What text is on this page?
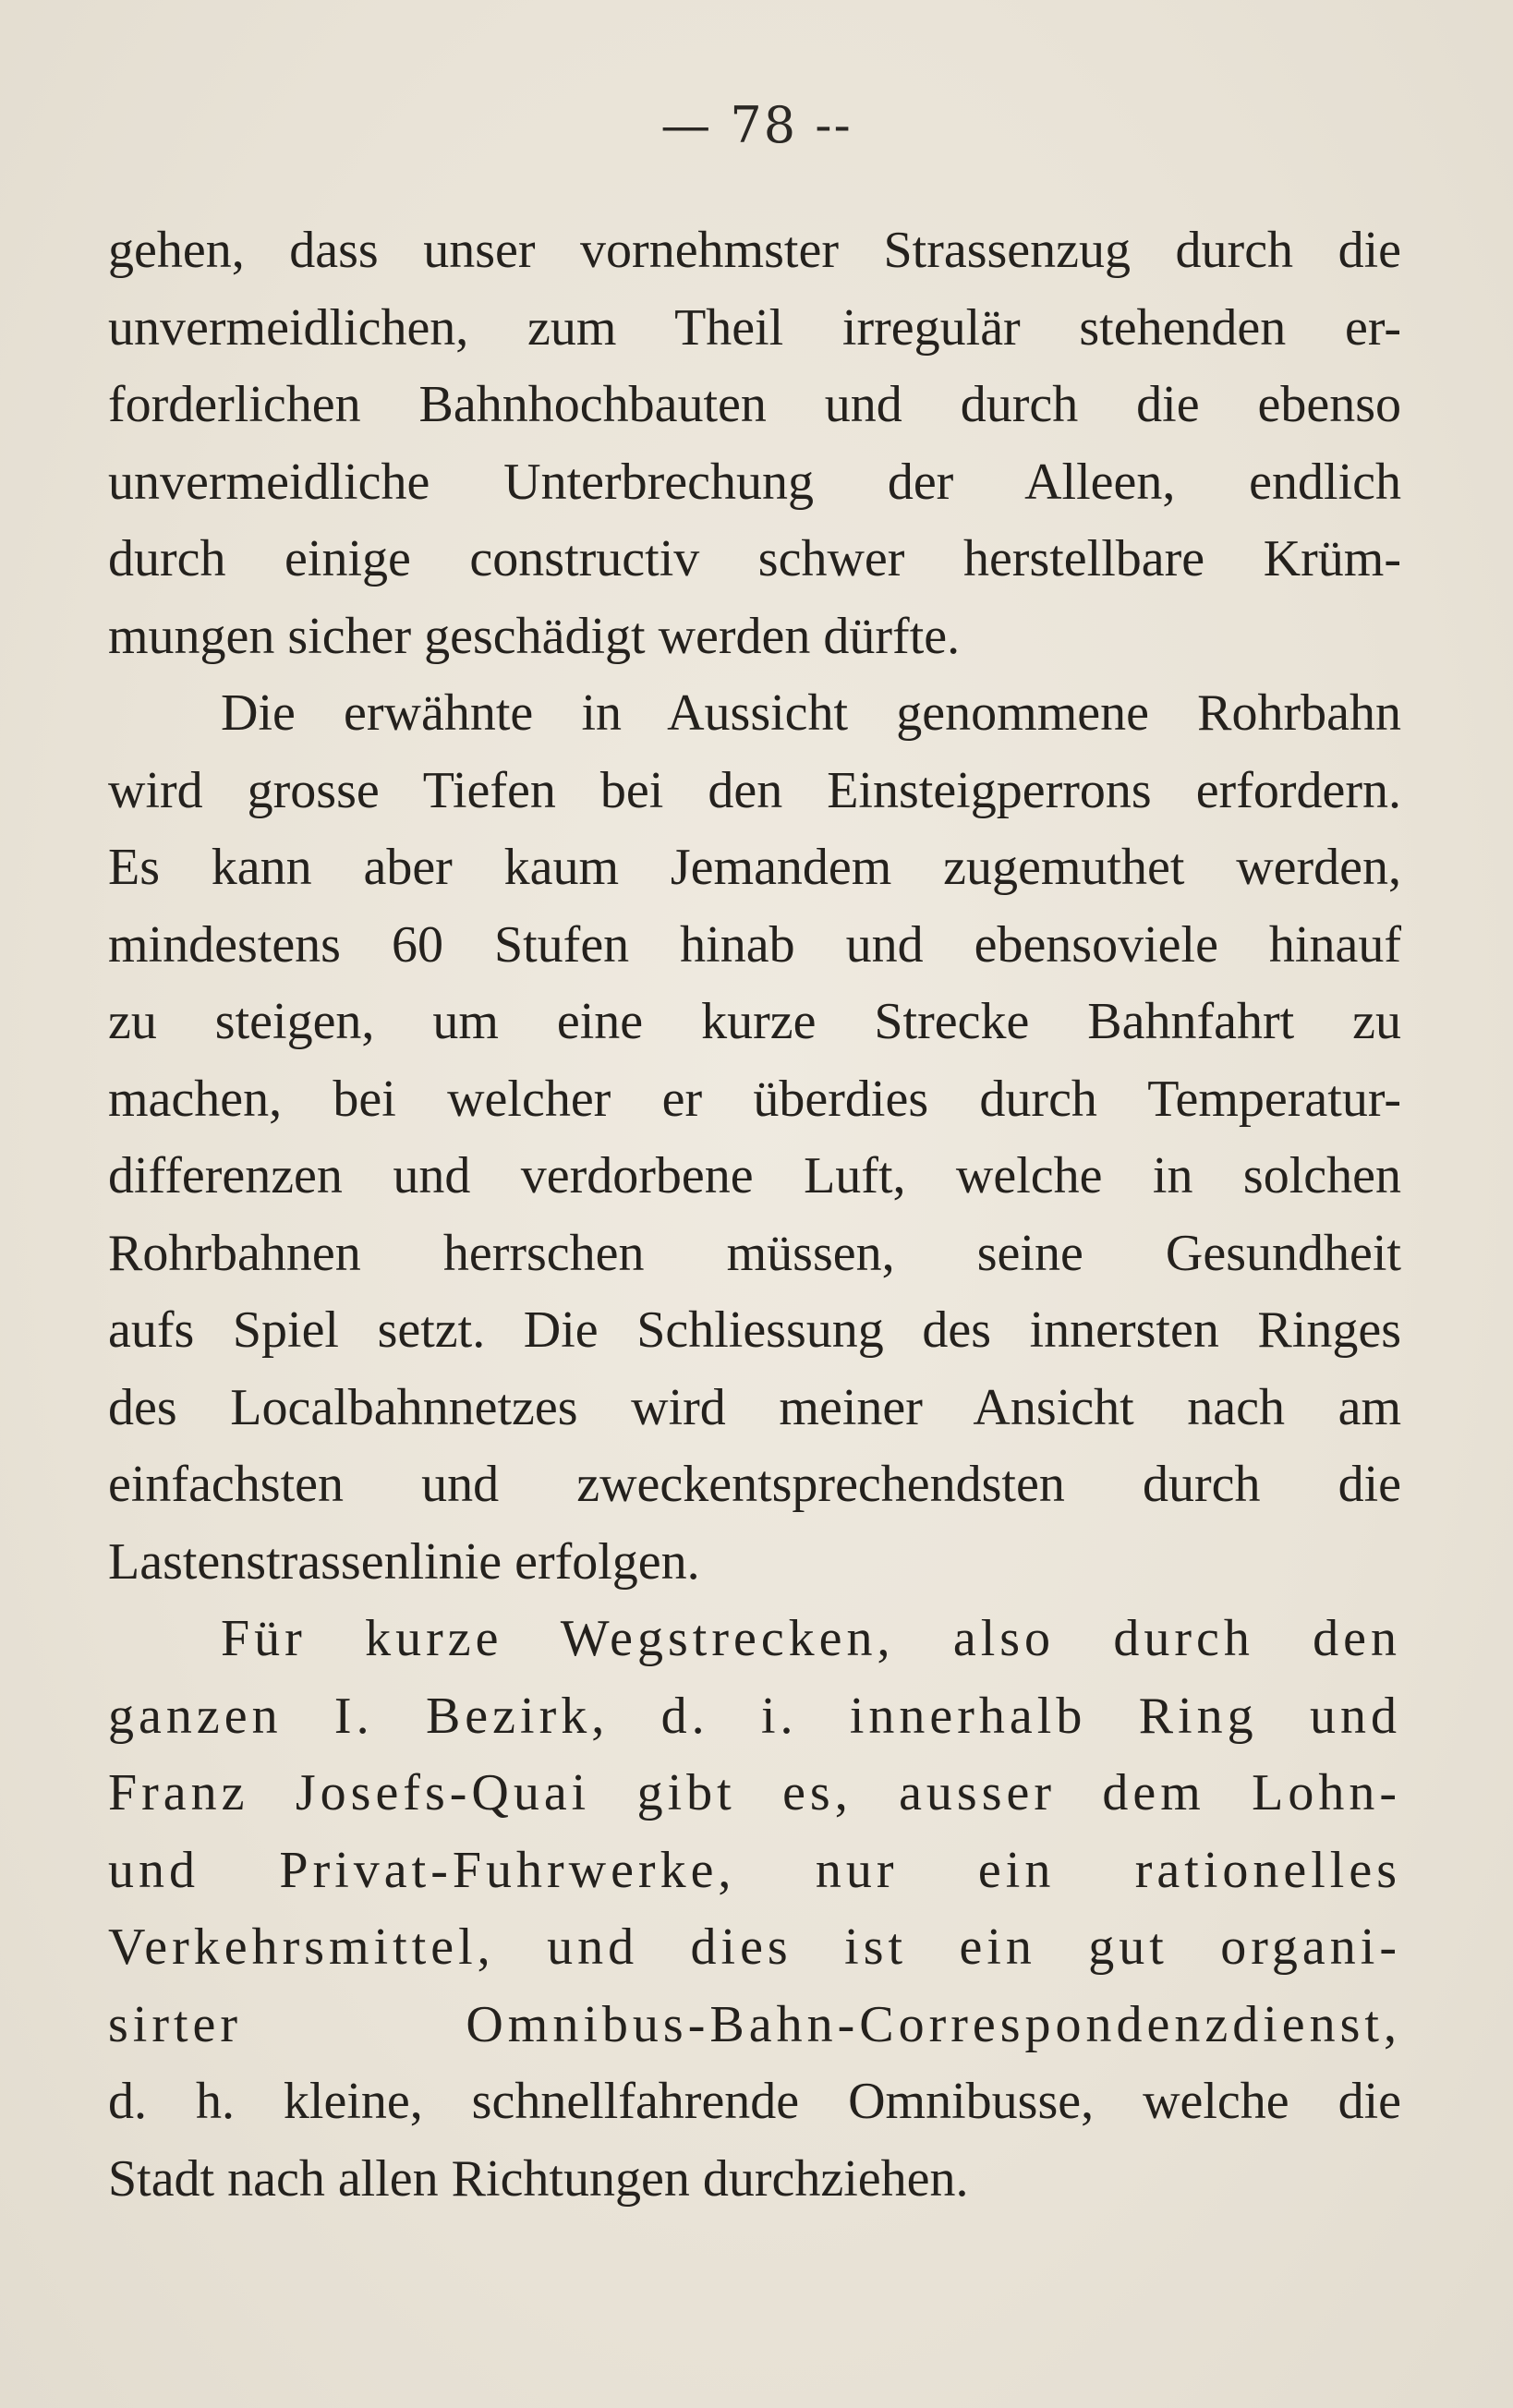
— 78 --
gehen, dass unser vornehmster Strassenzug durch die
unvermeidlichen, zum Theil irregulär stehenden er-
forderlichen Bahnhochbauten und durch die ebenso
unvermeidliche Unterbrechung der Alleen, endlich
durch einige constructiv schwer herstellbare Krüm-
mungen sicher geschädigt werden dürfte.
Die erwähnte in Aussicht genommene Rohrbahn
wird grosse Tiefen bei den Einsteigperrons erfordern.
Es kann aber kaum Jemandem zugemuthet werden,
mindestens 60 Stufen hinab und ebensoviele hinauf
zu steigen, um eine kurze Strecke Bahnfahrt zu
machen, bei welcher er überdies durch Temperatur-
differenzen und verdorbene Luft, welche in solchen
Rohrbahnen herrschen müssen, seine Gesundheit
aufs Spiel setzt. Die Schliessung des innersten Ringes
des Localbahnnetzes wird meiner Ansicht nach am
einfachsten und zweckentsprechendsten durch die
Lastenstrassenlinie erfolgen.
Für kurze Wegstrecken, also durch den
ganzen I. Bezirk, d. i. innerhalb Ring und
Franz Josefs-Quai gibt es, ausser dem Lohn-
und Privat-Fuhrwerke, nur ein rationelles
Verkehrsmittel, und dies ist ein gut organi-
sirter Omnibus-Bahn-Correspondenzdienst,
d. h. kleine, schnellfahrende Omnibusse, welche die
Stadt nach allen Richtungen durchziehen.
